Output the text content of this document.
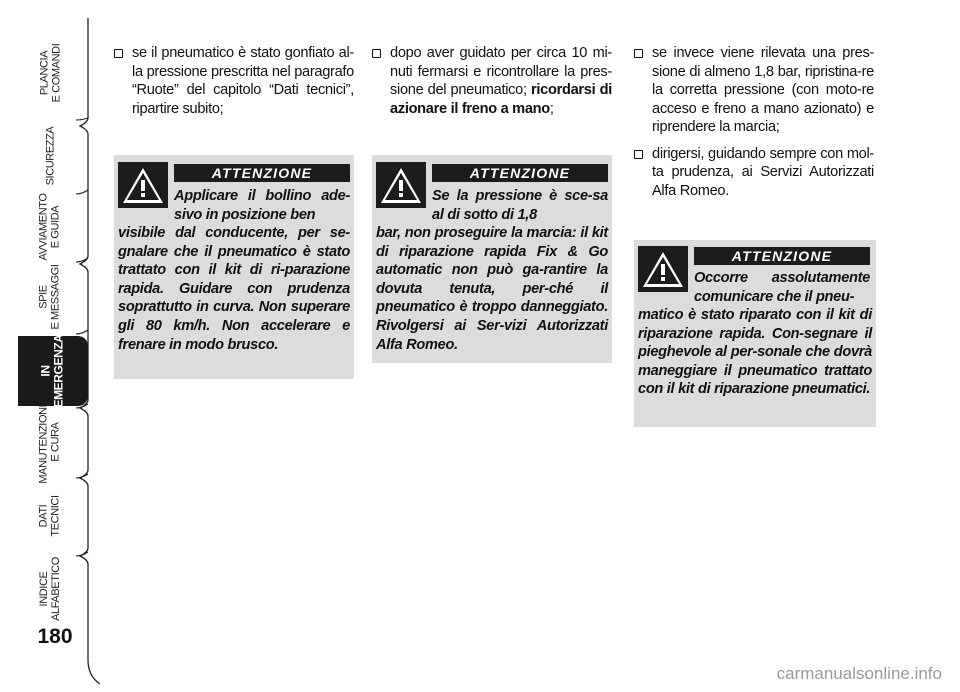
PLANCIA
E COMANDI
SICUREZZA
AVVIAMENTO
E GUIDA
SPIE
E MESSAGGI
IN
EMERGENZA
MANUTENZIONE
E CURA
DATI
TECNICI
INDICE
ALFABETICO
180

se il pneumatico è stato gonfiato al-la pressione prescritta nel paragrafo “Ruote” del capitolo “Dati tecnici”, ripartire subito;

ATTENZIONE
Applicare il bollino ade-sivo in posizione ben
visibile dal conducente, per se-gnalare che il pneumatico è stato trattato con il kit di ri-parazione rapida. Guidare con prudenza soprattutto in curva. Non superare gli 80 km/h. Non accelerare e frenare in modo brusco.

dopo aver guidato per circa 10 mi-nuti fermarsi e ricontrollare la pres-sione del pneumatico; ricordarsi di azionare il freno a mano;

ATTENZIONE
Se la pressione è sce-sa al di sotto di 1,8
bar, non proseguire la marcia: il kit di riparazione rapida Fix & Go automatic non può ga-rantire la dovuta tenuta, per-ché il pneumatico è troppo danneggiato. Rivolgersi ai Ser-vizi Autorizzati Alfa Romeo.

se invece viene rilevata una pres-sione di almeno 1,8 bar, ripristina-re la corretta pressione (con moto-re acceso e freno a mano azionato) e riprendere la marcia;

dirigersi, guidando sempre con mol-ta prudenza, ai Servizi Autorizzati Alfa Romeo.

ATTENZIONE
Occorre assolutamente comunicare che il pneu-
matico è stato riparato con il kit di riparazione rapida. Con-segnare il pieghevole al per-sonale che dovrà maneggiare il pneumatico trattato con il kit di riparazione pneumatici.
carmanualsonline.info
